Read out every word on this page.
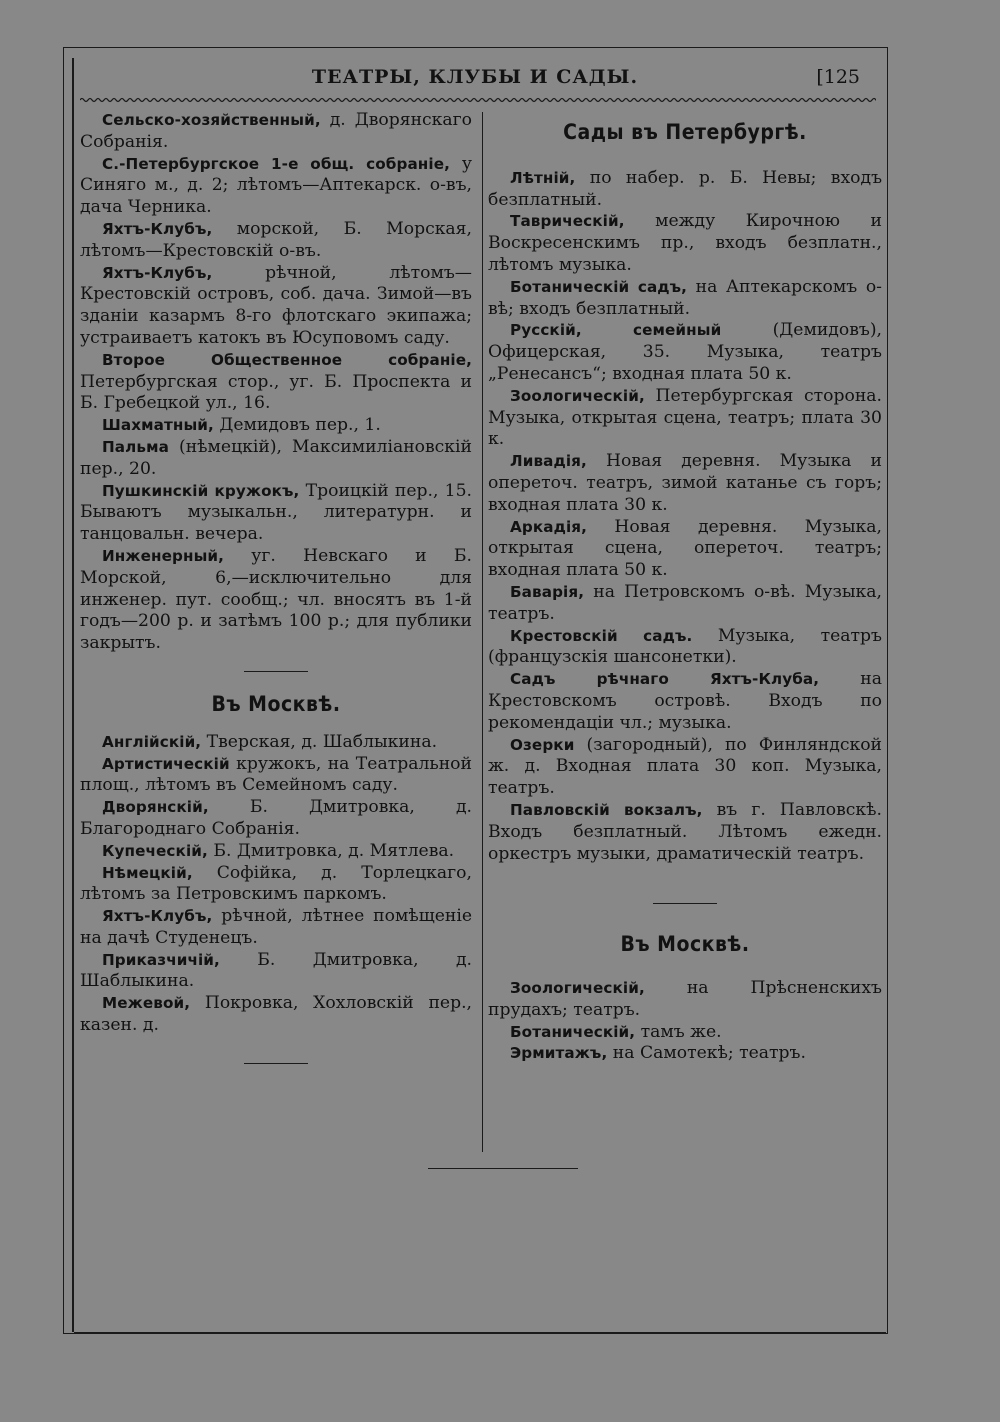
ТЕАТРЫ, КЛУБЫ И САДЫ.	[125

Сельско-хозяйственный, д. Дворянскаго Собранія.

С.-Петербургское 1-е общ. собраніе, у Синяго м., д. 2; лѣтомъ—Аптекарск. о-въ, дача Черника.

Яхтъ-Клубъ, морской, Б. Морская, лѣтомъ—Крестовскій о-въ.

Яхтъ-Клубъ, рѣчной, лѣтомъ—Крестовскій островъ, соб. дача. Зимой—въ зданіи казармъ 8-го флотскаго экипажа; устраиваетъ катокъ въ Юсуповомъ саду.

Второе Общественное собраніе, Петербургская стор., уг. Б. Проспекта и Б. Гребецкой ул., 16.

Шахматный, Демидовъ пер., 1.

Пальма (нѣмецкій), Максимиліановскій пер., 20.

Пушкинскій кружокъ, Троицкій пер., 15. Бываютъ музыкальн., литературн. и танцовальн. вечера.

Инженерный, уг. Невскаго и Б. Морской, 6,—исключительно для инженер. пут. сообщ.; чл. вносятъ въ 1-й годъ—200 р. и затѣмъ 100 р.; для публики закрытъ.

Въ Москвѣ.

Англійскій, Тверская, д. Шаблыкина.

Артистическій кружокъ, на Театральной площ., лѣтомъ въ Семейномъ саду.

Дворянскій, Б. Дмитровка, д. Благороднаго Собранія.

Купеческій, Б. Дмитровка, д. Мятлева.

Нѣмецкій, Софійка, д. Торлецкаго, лѣтомъ за Петровскимъ паркомъ.

Яхтъ-Клубъ, рѣчной, лѣтнее помѣщеніе на дачѣ Студенецъ.

Приказчичій, Б. Дмитровка, д. Шаблыкина.

Межевой, Покровка, Хохловскій пер., казен. д.

Сады въ Петербургѣ.

Лѣтній, по набер. р. Б. Невы; входъ безплатный.

Таврическій, между Кирочною и Воскресенскимъ пр., входъ безплатн., лѣтомъ музыка.

Ботаническій садъ, на Аптекарскомъ о-вѣ; входъ безплатный.

Русскій, семейный (Демидовъ), Офицерская, 35. Музыка, театръ „Ренесансъ“; входная плата 50 к.

Зоологическій, Петербургская сторона. Музыка, открытая сцена, театръ; плата 30 к.

Ливадія, Новая деревня. Музыка и опереточ. театръ, зимой катанье съ горъ; входная плата 30 к.

Аркадія, Новая деревня. Музыка, открытая сцена, опереточ. театръ; входная плата 50 к.

Баварія, на Петровскомъ о-вѣ. Музыка, театръ.

Крестовскій садъ. Музыка, театръ (французскія шансонетки).

Садъ рѣчнаго Яхтъ-Клуба, на Крестовскомъ островѣ. Входъ по рекомендаціи чл.; музыка.

Озерки (загородный), по Финляндской ж. д. Входная плата 30 коп. Музыка, театръ.

Павловскій вокзалъ, въ г. Павловскѣ. Входъ безплатный. Лѣтомъ ежедн. оркестръ музыки, драматическій театръ.

Въ Москвѣ.

Зоологическій, на Прѣсненскихъ прудахъ; театръ.

Ботаническій, тамъ же.

Эрмитажъ, на Самотекѣ; театръ.
